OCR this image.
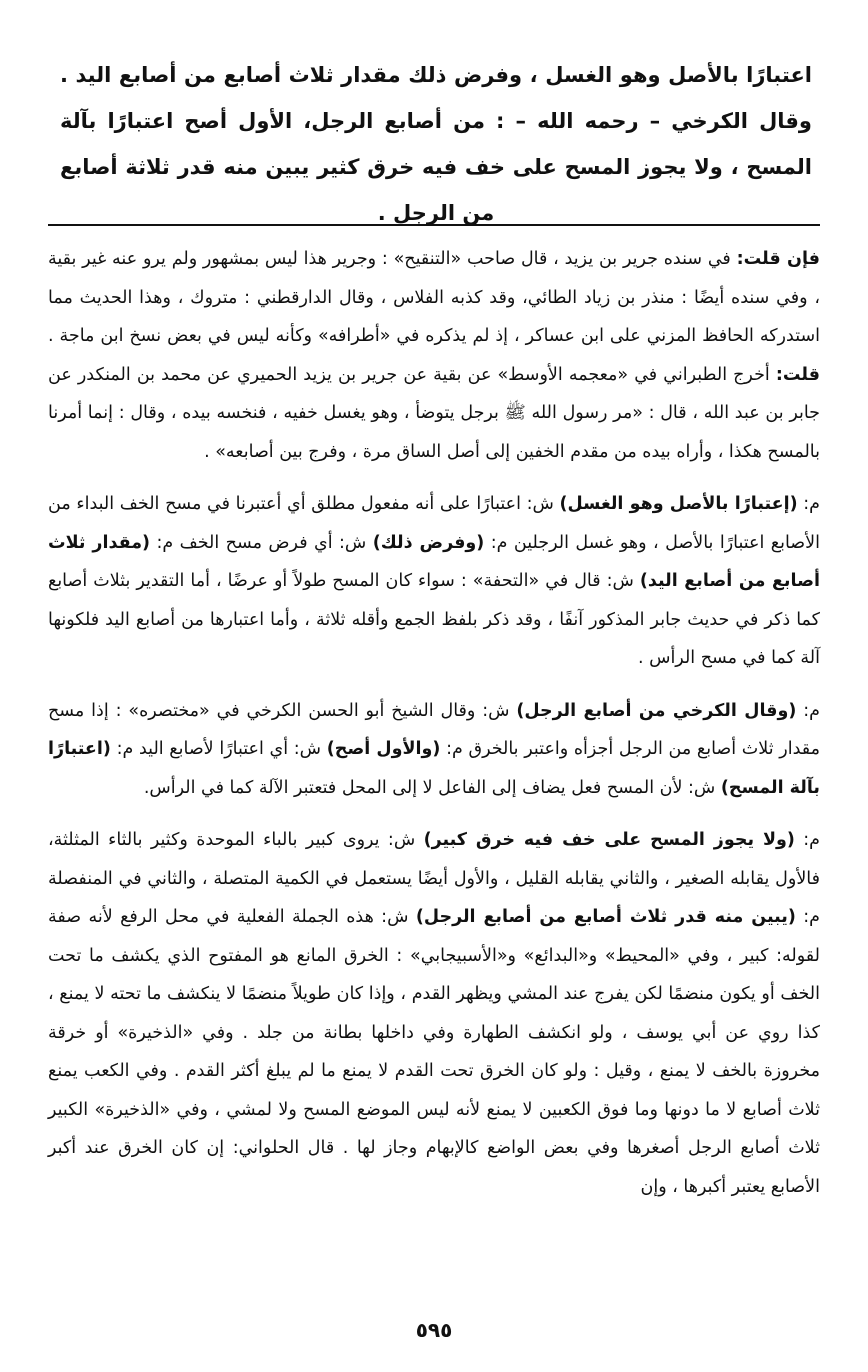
اعتبارًا بالأصل وهو الغسل ، وفرض ذلك مقدار ثلاث أصابع من أصابع اليد . وقال الكرخي – رحمه الله – : من أصابع الرجل، الأول أصح اعتبارًا بآلة المسح ، ولا يجوز المسح على خف فيه خرق كثير يبين منه قدر ثلاثة أصابع من الرجل .
فإن قلت: في سنده جرير بن يزيد ، قال صاحب «التنقيح» : وجرير هذا ليس بمشهور ولم يرو عنه غير بقية ، وفي سنده أيضًا : منذر بن زياد الطائي، وقد كذبه الفلاس ، وقال الدارقطني : متروك ، وهذا الحديث مما استدركه الحافظ المزني على ابن عساكر ، إذ لم يذكره في «أطرافه» وكأنه ليس في بعض نسخ ابن ماجة . قلت: أخرج الطبراني في «معجمه الأوسط» عن بقية عن جرير بن يزيد الحميري عن محمد بن المنكدر عن جابر بن عبد الله ، قال : «مر رسول الله ﷺ برجل يتوضأ ، وهو يغسل خفيه ، فنخسه بيده ، وقال : إنما أمرنا بالمسح هكذا ، وأراه بيده من مقدم الخفين إلى أصل الساق مرة ، وفرج بين أصابعه» .
م: (إعتبارًا بالأصل وهو الغسل) ش: اعتبارًا على أنه مفعول مطلق أي أعتبرنا في مسح الخف البداء من الأصابع اعتبارًا بالأصل ، وهو غسل الرجلين م: (وفرض ذلك) ش: أي فرض مسح الخف م: (مقدار ثلاث أصابع من أصابع اليد) ش: قال في «التحفة» : سواء كان المسح طولاً أو عرضًا ، أما التقدير بثلاث أصابع كما ذكر في حديث جابر المذكور آنفًا ، وقد ذكر بلفظ الجمع وأقله ثلاثة ، وأما اعتبارها من أصابع اليد فلكونها آلة كما في مسح الرأس .
م: (وقال الكرخي من أصابع الرجل) ش: وقال الشيخ أبو الحسن الكرخي في «مختصره» : إذا مسح مقدار ثلاث أصابع من الرجل أجزأه واعتبر بالخرق م: (والأول أصح) ش: أي اعتبارًا لأصابع اليد م: (اعتبارًا بآلة المسح) ش: لأن المسح فعل يضاف إلى الفاعل لا إلى المحل فتعتبر الآلة كما في الرأس.
م: (ولا يجوز المسح على خف فيه خرق كبير) ش: يروى كبير بالباء الموحدة وكثير بالثاء المثلثة، فالأول يقابله الصغير ، والثاني يقابله القليل ، والأول أيضًا يستعمل في الكمية المتصلة ، والثاني في المنفصلة م: (يبين منه قدر ثلاث أصابع من أصابع الرجل) ش: هذه الجملة الفعلية في محل الرفع لأنه صفة لقوله: كبير ، وفي «المحيط» و«البدائع» و«الأسبيجابي» : الخرق المانع هو المفتوح الذي يكشف ما تحت الخف أو يكون منضمًا لكن يفرج عند المشي ويظهر القدم ، وإذا كان طويلاً منضمًا لا ينكشف ما تحته لا يمنع ، كذا روي عن أبي يوسف ، ولو انكشف الطهارة وفي داخلها بطانة من جلد . وفي «الذخيرة» أو خرقة مخروزة بالخف لا يمنع ، وقيل : ولو كان الخرق تحت القدم لا يمنع ما لم يبلغ أكثر القدم . وفي الكعب يمنع ثلاث أصابع لا ما دونها وما فوق الكعبين لا يمنع لأنه ليس الموضع المسح ولا لمشي ، وفي «الذخيرة» الكبير ثلاث أصابع الرجل أصغرها وفي بعض الواضع كالإبهام وجاز لها . قال الحلواني: إن كان الخرق عند أكبر الأصابع يعتبر أكبرها ، وإن
٥٩٥
